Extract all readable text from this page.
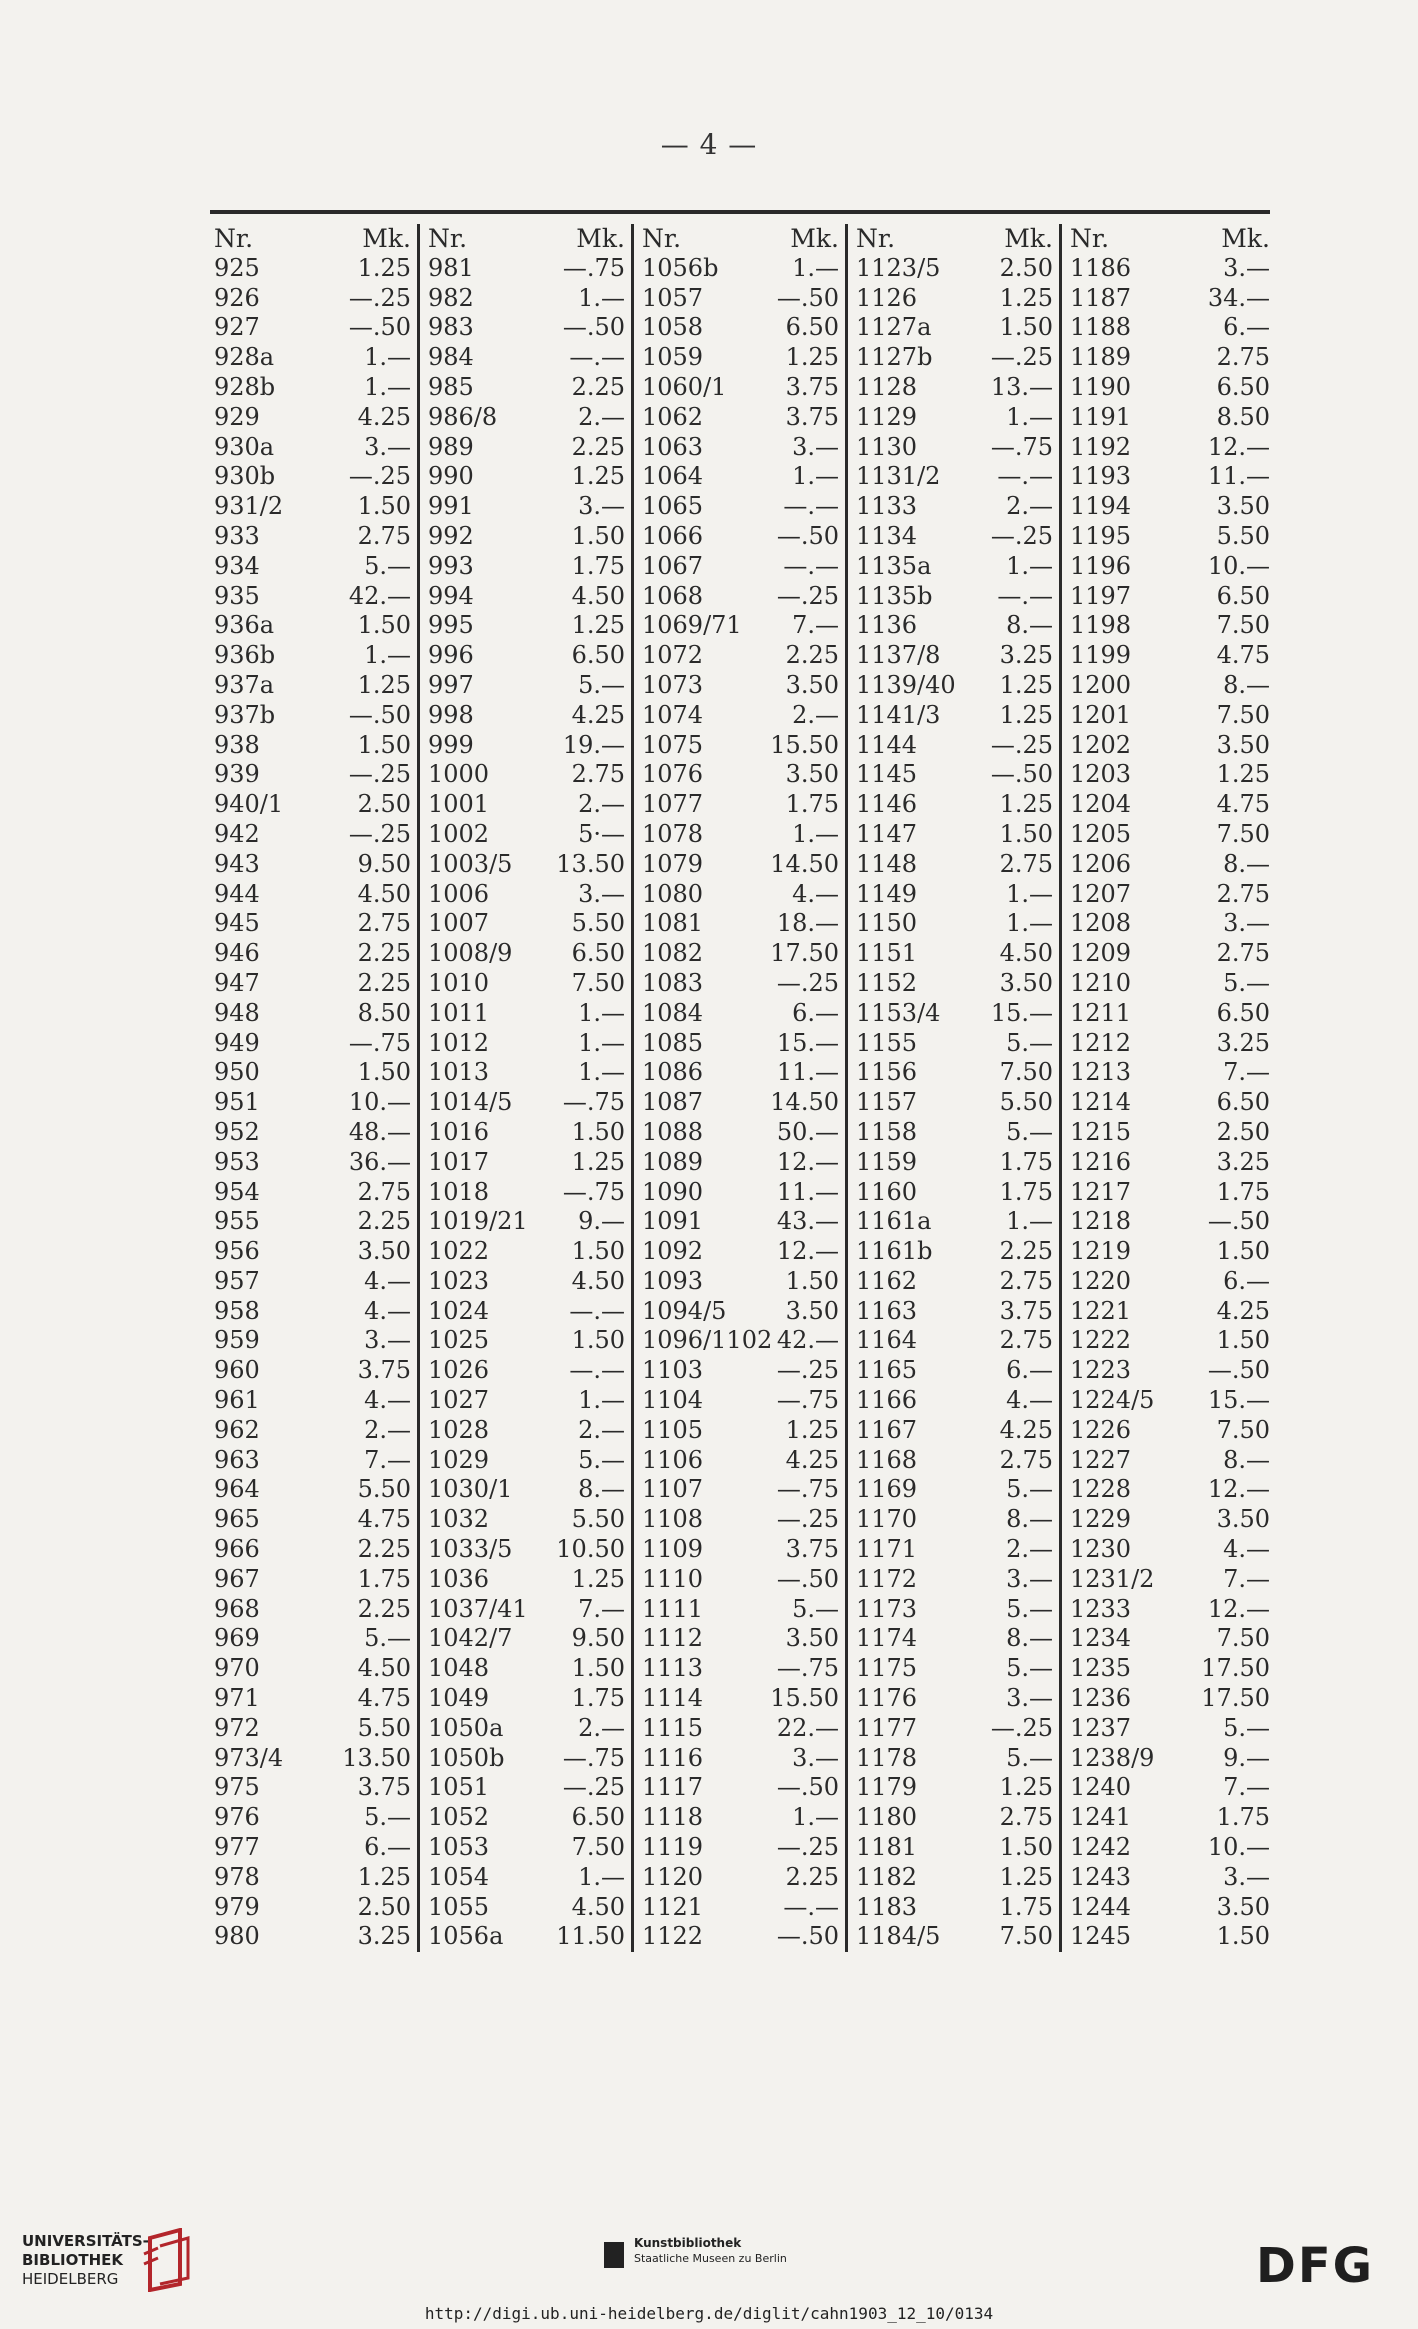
— 4 —
Nr.	Mk.
925	1.25
926	—.25
927	—.50
928a	1.—
928b	1.—
929	4.25
930a	3.—
930b	—.25
931/2	1.50
933	2.75
934	5.—
935	42.—
936a	1.50
936b	1.—
937a	1.25
937b	—.50
938	1.50
939	—.25
940/1	2.50
942	—.25
943	9.50
944	4.50
945	2.75
946	2.25
947	2.25
948	8.50
949	—.75
950	1.50
951	10.—
952	48.—
953	36.—
954	2.75
955	2.25
956	3.50
957	4.—
958	4.—
959	3.—
960	3.75
961	4.—
962	2.—
963	7.—
964	5.50
965	4.75
966	2.25
967	1.75
968	2.25
969	5.—
970	4.50
971	4.75
972	5.50
973/4 13.50
975	3.75
976	5.—
977	6.—
978	1.25
979	2.50
980	3.25
Nr.	Mk.
981	—.75
982	1.—
983	—.50
984	—.—
985	2.25
986/8	2.—
989	2.25
990	1.25
991	3.—
992	1.50
993	1.75
994	4.50
995	1.25
996	6.50
997	5.—
998	4.25
999	19.—
1000	2.75
1001	2.—
1002	5·—
1003/5 13.50
1006	3.—
1007	5.50
1008/9 6.50
1010	7.50
1011	1.—
1012	1.—
1013	1.—
1014/5 —.75
1016	1.50
1017	1.25
1018	—.75
1019/21 9.—
1022	1.50
1023	4.50
1024	—.—
1025	1.50
1026	—.—
1027	1.—
1028	2.—
1029	5.—
1030/1	8.—
1032	5.50
1033/5 10.50
1036	1.25
1037/41 7.—
1042/7 9.50
1048	1.50
1049	1.75
1050a	2.—
1050b —.75
1051	—.25
1052	6.50
1053	7.50
1054	1.—
1055	4.50
1056a 11.50
Nr.	Mk.
1056b	1.—
1057	—.50
1058	6.50
1059	1.25
1060/1 3.75
1062	3.75
1063	3.—
1064	1.—
1065	—.—
1066	—.50
1067	—.—
1068	—.25
1069/71 7.—
1072	2.25
1073	3.50
1074	2.—
1075	15.50
1076	3.50
1077	1.75
1078	1.—
1079	14.50
1080	4.—
1081	18.—
1082	17.50
1083	—.25
1084	6.—
1085	15.—
1086	11.—
1087	14.50
1088	50.—
1089	12.—
1090	11.—
1091	43.—
1092	12.—
1093	1.50
1094/5 3.50
1096/1102 42.—
1103	—.25
1104	—.75
1105	1.25
1106	4.25
1107	—.75
1108	—.25
1109	3.75
1110	—.50
1111	5.—
1112	3.50
1113	—.75
1114	15.50
1115	22.—
1116	3.—
1117	—.50
1118	1.—
1119	—.25
1120	2.25
1121	—.—
1122	—.50
Nr.	Mk.
1123/5 2.50
1126	1.25
1127a	1.50
1127b —.25
1128	13.—
1129	1.—
1130	—.75
1131/2 —.—
1133	2.—
1134	—.25
1135a	1.—
1135b	—.—
1136	8.—
1137/8 3.25
1139/40 1.25
1141/3 1.25
1144	—.25
1145	—.50
1146	1.25
1147	1.50
1148	2.75
1149	1.—
1150	1.—
1151	4.50
1152	3.50
1153/4 15.—
1155	5.—
1156	7.50
1157	5.50
1158	5.—
1159	1.75
1160	1.75
1161a	1.—
1161b	2.25
1162	2.75
1163	3.75
1164	2.75
1165	6.—
1166	4.—
1167	4.25
1168	2.75
1169	5.—
1170	8.—
1171	2.—
1172	3.—
1173	5.—
1174	8.—
1175	5.—
1176	3.—
1177	—.25
1178	5.—
1179	1.25
1180	2.75
1181	1.50
1182	1.25
1183	1.75
1184/5 7.50
Nr.	Mk.
1186	3.—
1187	34.—
1188	6.—
1189	2.75
1190	6.50
1191	8.50
1192	12.—
1193	11.—
1194	3.50
1195	5.50
1196	10.—
1197	6.50
1198	7.50
1199	4.75
1200	8.—
1201	7.50
1202	3.50
1203	1.25
1204	4.75
1205	7.50
1206	8.—
1207	2.75
1208	3.—
1209	2.75
1210	5.—
1211	6.50
1212	3.25
1213	7.—
1214	6.50
1215	2.50
1216	3.25
1217	1.75
1218	—.50
1219	1.50
1220	6.—
1221	4.25
1222	1.50
1223	—.50
1224/5 15.—
1226	7.50
1227	8.—
1228	12.—
1229	3.50
1230	4.—
1231/2	7.—
1233	12.—
1234	7.50
1235	17.50
1236	17.50
1237	5.—
1238/9	9.—
1240	7.—
1241	1.75
1242	10.—
1243	3.—
1244	3.50
1245	1.50
UNIVERSITÄTS-
BIBLIOTHEK
HEIDELBERG
Kunstbibliothek
Staatliche Museen zu Berlin	DFG
http://digi.ub.uni-heidelberg.de/diglit/cahn1903_12_10/0134
